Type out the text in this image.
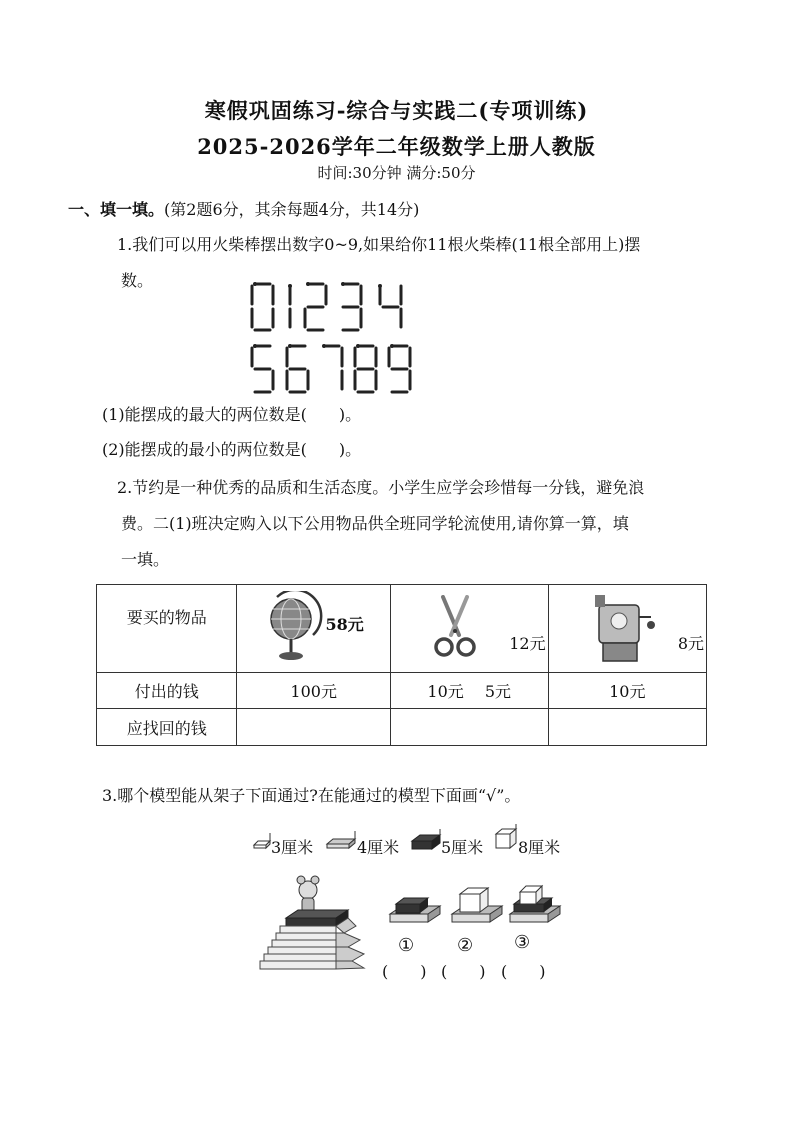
寒假巩固练习-综合与实践二(专项训练)
2025-2026学年二年级数学上册人教版
时间:30分钟 满分:50分
一、填一填。(第2题6分，其余每题4分，共14分)
1.我们可以用火柴棒摆出数字0~9,如果给你11根火柴棒(11根全部用上)摆
数。
(1)能摆成的最大的两位数是(　　)。
(2)能摆成的最小的两位数是(　　)。
2.节约是一种优秀的品质和生活态度。小学生应学会珍惜每一分钱，避免浪
费。二(1)班决定购入以下公用物品供全班同学轮流使用,请你算一算，填
一填。
要买的物品	58元	12元	8元

付出的钱	100元	10元　 5元	10元
应找回的钱			
3.哪个模型能从架子下面通过?在能通过的模型下面画“√”。
3厘米	4厘米	5厘米 8厘米
① ② ③
(　　) (　　) (　　)
